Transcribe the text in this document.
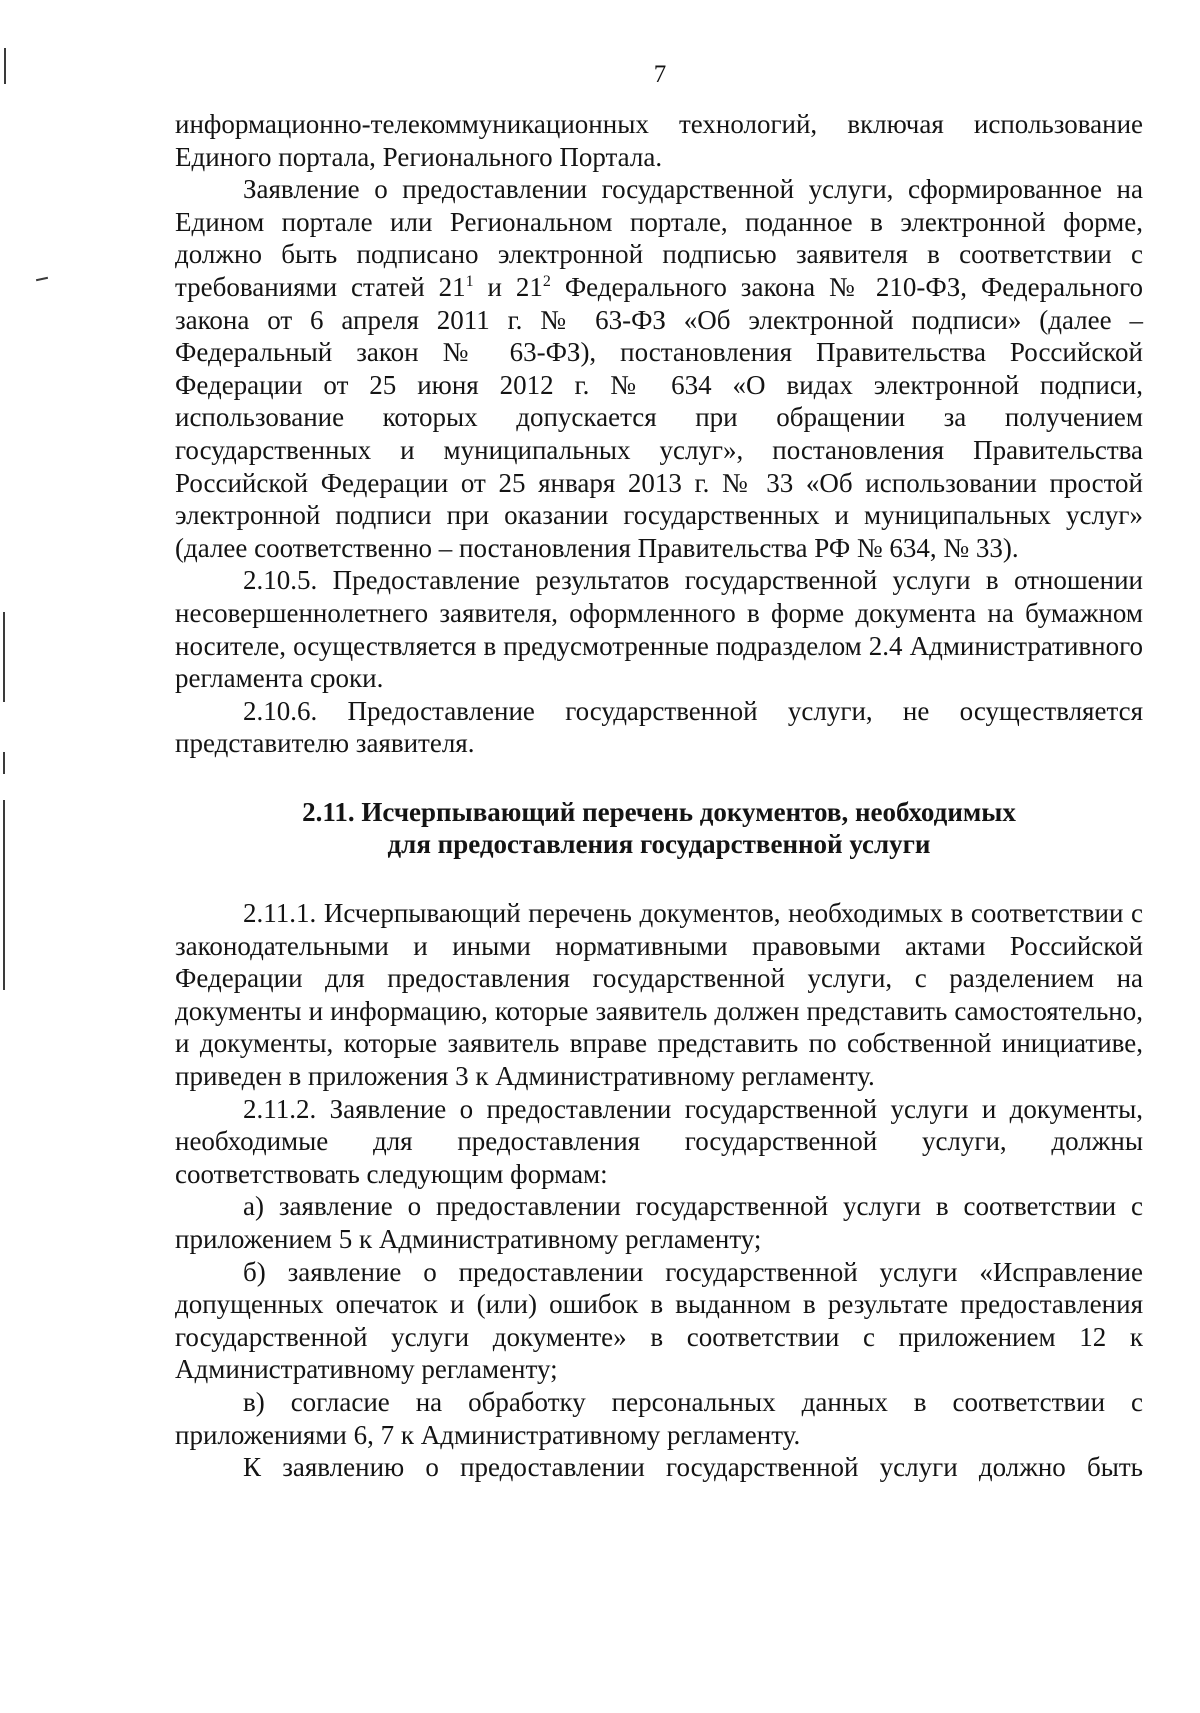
7

информационно-телекоммуникационных технологий, включая использование Единого портала, Регионального Портала.

Заявление о предоставлении государственной услуги, сформированное на Едином портале или Региональном портале, поданное в электронной форме, должно быть подписано электронной подписью заявителя в соответствии с требованиями статей $21^1$ и $21^2$ Федерального закона № 210-ФЗ, Федерального закона от 6 апреля 2011 г. № 63-ФЗ «Об электронной подписи» (далее – Федеральный закон № 63-ФЗ), постановления Правительства Российской Федерации от 25 июня 2012 г. № 634 «О видах электронной подписи, использование которых допускается при обращении за получением государственных и муниципальных услуг», постановления Правительства Российской Федерации от 25 января 2013 г. № 33 «Об использовании простой электронной подписи при оказании государственных и муниципальных услуг» (далее соответственно – постановления Правительства РФ № 634, № 33).

2.10.5. Предоставление результатов государственной услуги в отношении несовершеннолетнего заявителя, оформленного в форме документа на бумажном носителе, осуществляется в предусмотренные подразделом 2.4 Административного регламента сроки.

2.10.6. Предоставление государственной услуги, не осуществляется представителю заявителя.

2.11. Исчерпывающий перечень документов, необходимых
для предоставления государственной услуги

2.11.1. Исчерпывающий перечень документов, необходимых в соответствии с законодательными и иными нормативными правовыми актами Российской Федерации для предоставления государственной услуги, с разделением на документы и информацию, которые заявитель должен представить самостоятельно, и документы, которые заявитель вправе представить по собственной инициативе, приведен в приложения 3 к Административному регламенту.

2.11.2. Заявление о предоставлении государственной услуги и документы, необходимые для предоставления государственной услуги, должны соответствовать следующим формам:

а) заявление о предоставлении государственной услуги в соответствии с приложением 5 к Административному регламенту;

б) заявление о предоставлении государственной услуги «Исправление допущенных опечаток и (или) ошибок в выданном в результате предоставления государственной услуги документе» в соответствии с приложением 12 к Административному регламенту;

в) согласие на обработку персональных данных в соответствии с приложениями 6, 7 к Административному регламенту.

К заявлению о предоставлении государственной услуги должно быть
